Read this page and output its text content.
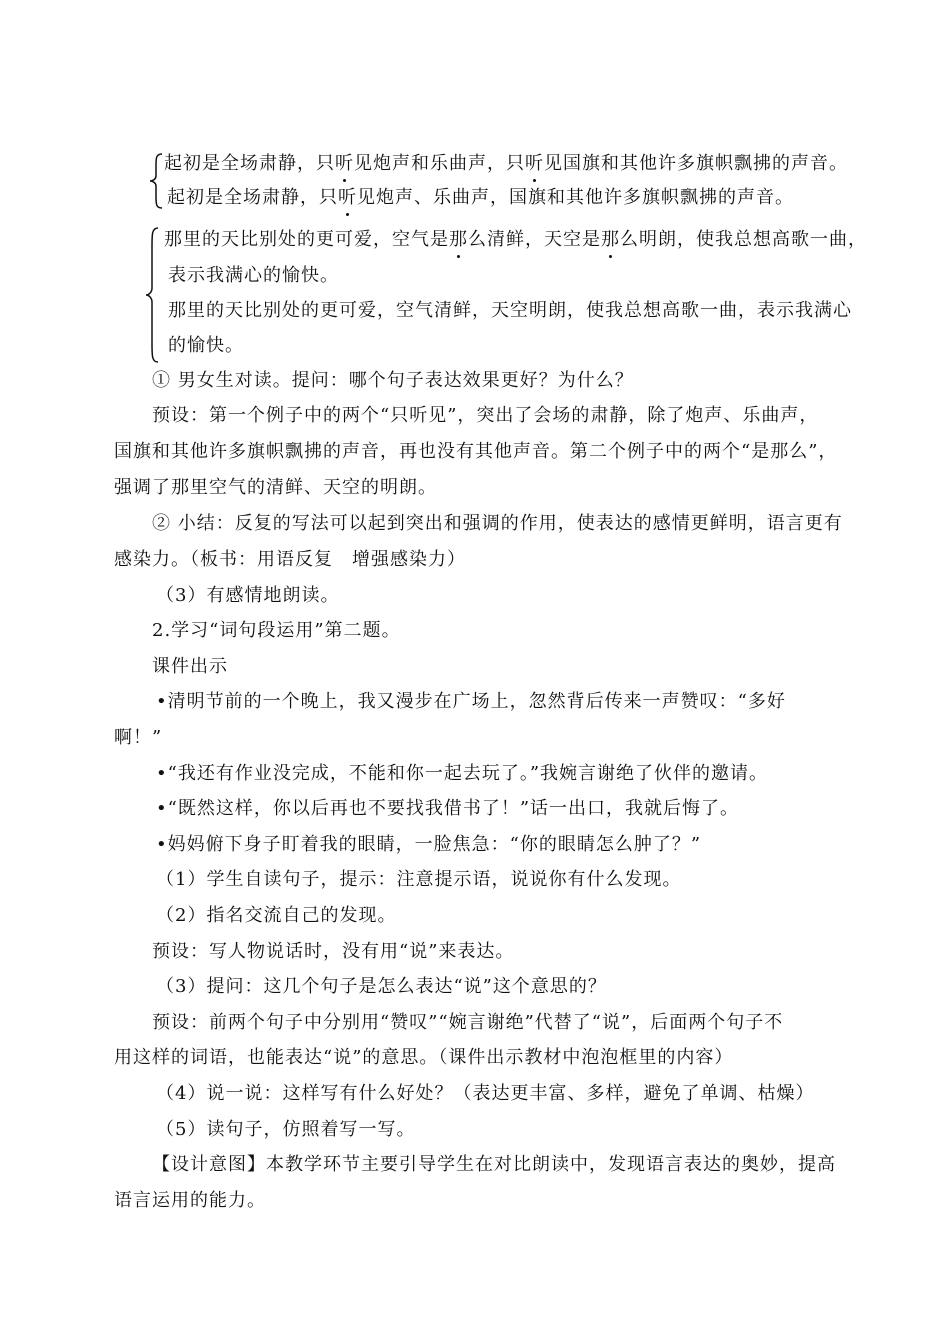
起初是全场肃静，只听见炮声和乐曲声，只听见国旗和其他许多旗帜飘拂的声音。
起初是全场肃静，只听见炮声、乐曲声，国旗和其他许多旗帜飘拂的声音。
那里的天比别处的更可爱，空气是那么清鲜，天空是那么明朗，使我总想高歌一曲，
表示我满心的愉快。
那里的天比别处的更可爱，空气清鲜，天空明朗，使我总想高歌一曲，表示我满心
的愉快。
① 男女生对读。提问：哪个句子表达效果更好？为什么？
预设：第一个例子中的两个“只听见”，突出了会场的肃静，除了炮声、乐曲声，
国旗和其他许多旗帜飘拂的声音，再也没有其他声音。第二个例子中的两个“是那么”，
强调了那里空气的清鲜、天空的明朗。
② 小结：反复的写法可以起到突出和强调的作用，使表达的感情更鲜明，语言更有
感染力。（板书：用语反复　增强感染力）
（3）有感情地朗读。
2.学习“词句段运用”第二题。
课件出示
•清明节前的一个晚上，我又漫步在广场上，忽然背后传来一声赞叹：“多好
啊！”
•“我还有作业没完成，不能和你一起去玩了。”我婉言谢绝了伙伴的邀请。
•“既然这样，你以后再也不要找我借书了！”话一出口，我就后悔了。
•妈妈俯下身子盯着我的眼睛，一脸焦急：“你的眼睛怎么肿了？”
（1）学生自读句子，提示：注意提示语，说说你有什么发现。
（2）指名交流自己的发现。
预设：写人物说话时，没有用“说”来表达。
（3）提问：这几个句子是怎么表达“说”这个意思的？
预设：前两个句子中分别用“赞叹”“婉言谢绝”代替了“说”，后面两个句子不
用这样的词语，也能表达“说”的意思。（课件出示教材中泡泡框里的内容）
（4）说一说：这样写有什么好处？（表达更丰富、多样，避免了单调、枯燥）
（5）读句子，仿照着写一写。
【设计意图】本教学环节主要引导学生在对比朗读中，发现语言表达的奥妙，提高
语言运用的能力。
